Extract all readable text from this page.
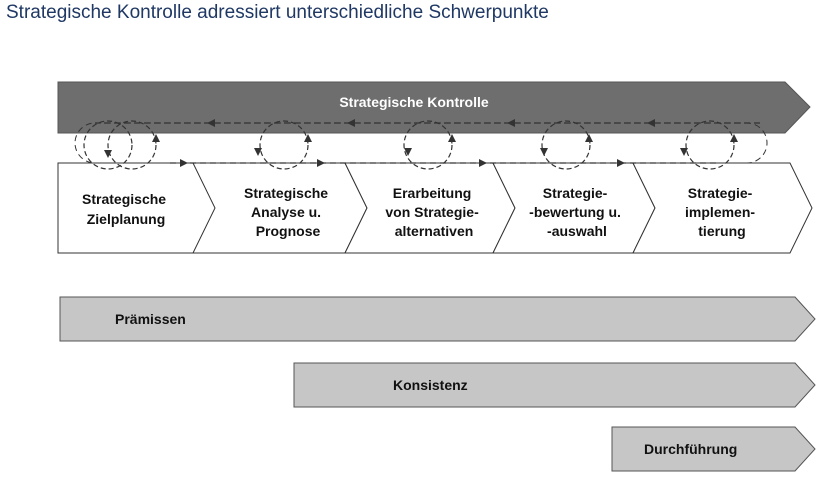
Strategische Kontrolle adressiert unterschiedliche Schwerpunkte
Strategische Kontrolle
Strategische Zielplanung
Strategische Analyse u. Prognose
Erarbeitung von Strategie- alternativen
Strategie- -bewertung u. -auswahl
Strategie- implemen- tierung
Prämissen
Konsistenz
Durchführung
